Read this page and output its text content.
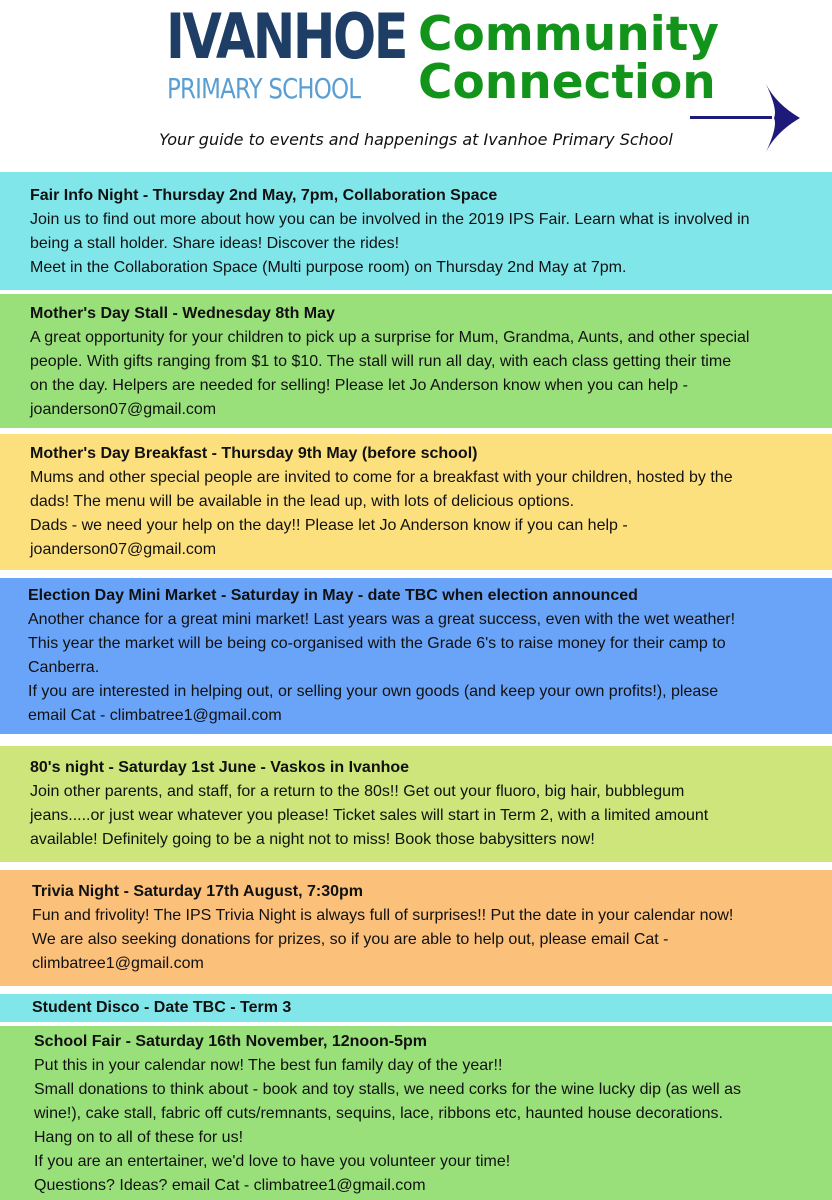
IVANHOE
PRIMARY SCHOOL
Community
Connection
Your guide to events and happenings at Ivanhoe Primary School

Fair Info Night - Thursday 2nd May, 7pm, Collaboration Space

Join us to find out more about how you can be involved in the 2019 IPS Fair. Learn what is involved in

being a stall holder. Share ideas! Discover the rides!

Meet in the Collaboration Space (Multi purpose room) on Thursday 2nd May at 7pm.

Mother's Day Stall - Wednesday 8th May

A great opportunity for your children to pick up a surprise for Mum, Grandma, Aunts, and other special

people. With gifts ranging from $1 to $10. The stall will run all day, with each class getting their time

on the day. Helpers are needed for selling! Please let Jo Anderson know when you can help -

joanderson07@gmail.com

Mother's Day Breakfast - Thursday 9th May (before school)

Mums and other special people are invited to come for a breakfast with your children, hosted by the

dads! The menu will be available in the lead up, with lots of delicious options.

Dads - we need your help on the day!! Please let Jo Anderson know if you can help -

joanderson07@gmail.com

Election Day Mini Market - Saturday in May - date TBC when election announced

Another chance for a great mini market! Last years was a great success, even with the wet weather!

This year the market will be being co-organised with the Grade 6's to raise money for their camp to

Canberra.

If you are interested in helping out, or selling your own goods (and keep your own profits!), please

email Cat - climbatree1@gmail.com

80's night - Saturday 1st June - Vaskos in Ivanhoe

Join other parents, and staff, for a return to the 80s!! Get out your fluoro, big hair, bubblegum

jeans.....or just wear whatever you please! Ticket sales will start in Term 2, with a limited amount

available! Definitely going to be a night not to miss! Book those babysitters now!

Trivia Night - Saturday 17th August, 7:30pm

Fun and frivolity! The IPS Trivia Night is always full of surprises!! Put the date in your calendar now!

We are also seeking donations for prizes, so if you are able to help out, please email Cat -

climbatree1@gmail.com

Student Disco - Date TBC - Term 3

School Fair - Saturday 16th November, 12noon-5pm

Put this in your calendar now! The best fun family day of the year!!

Small donations to think about - book and toy stalls, we need corks for the wine lucky dip (as well as

wine!), cake stall, fabric off cuts/remnants, sequins, lace, ribbons etc, haunted house decorations.

Hang on to all of these for us!

If you are an entertainer, we'd love to have you volunteer your time!

Questions? Ideas? email Cat - climbatree1@gmail.com
